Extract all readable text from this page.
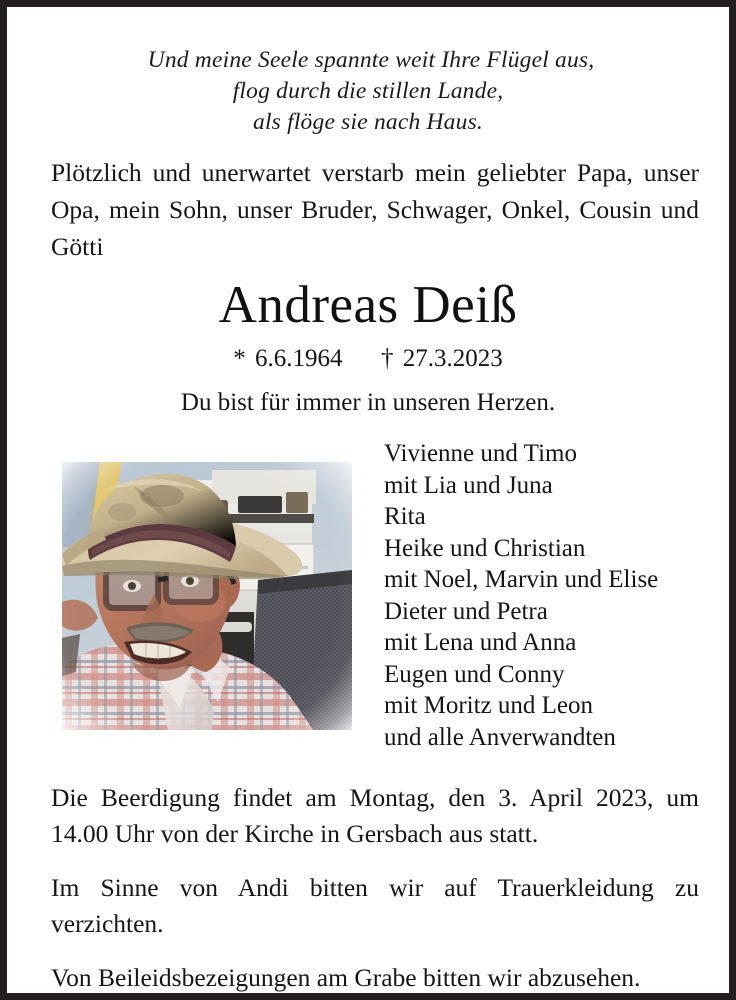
Und meine Seele spannte weit Ihre Flügel aus,
flog durch die stillen Lande,
als flöge sie nach Haus.
Plötzlich und unerwartet verstarb mein geliebter Papa, unser Opa, mein Sohn, unser Bruder, Schwager, Onkel, Cousin und Götti
Andreas Deiß
* 6.6.1964 † 27.3.2023
Du bist für immer in unseren Herzen.
Vivienne und Timo
mit Lia und Juna
Rita
Heike und Christian
mit Noel, Marvin und Elise
Dieter und Petra
mit Lena und Anna
Eugen und Conny
mit Moritz und Leon
und alle Anverwandten

Die Beerdigung findet am Montag, den 3. April 2023, um 14.00 Uhr von der Kirche in Gersbach aus statt.

Im Sinne von Andi bitten wir auf Trauerkleidung zu verzichten.

Von Beileidsbezeigungen am Grabe bitten wir abzusehen.
